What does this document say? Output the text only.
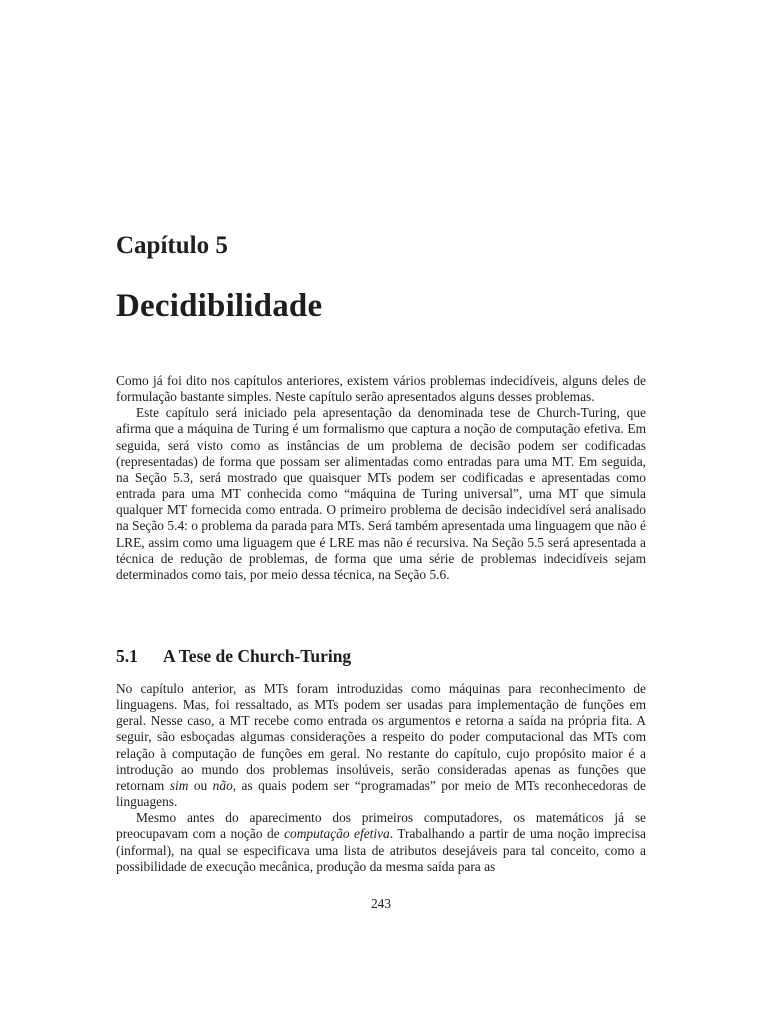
Capítulo 5
Decidibilidade

Como já foi dito nos capítulos anteriores, existem vários problemas indecidíveis, alguns deles de formulação bastante simples. Neste capítulo serão apresentados alguns desses problemas.

Este capítulo será iniciado pela apresentação da denominada tese de Church-Turing, que afirma que a máquina de Turing é um formalismo que captura a noção de computação efetiva. Em seguida, será visto como as instâncias de um problema de decisão podem ser codificadas (representadas) de forma que possam ser alimentadas como entradas para uma MT. Em seguida, na Seção 5.3, será mostrado que quaisquer MTs podem ser codificadas e apresentadas como entrada para uma MT conhecida como “máquina de Turing universal”, uma MT que simula qualquer MT fornecida como entrada. O primeiro problema de decisão indecidível será analisado na Seção 5.4: o problema da parada para MTs. Será também apresentada uma linguagem que não é LRE, assim como uma liguagem que é LRE mas não é recursiva. Na Seção 5.5 será apresentada a técnica de redução de problemas, de forma que uma série de problemas indecidíveis sejam determinados como tais, por meio dessa técnica, na Seção 5.6.

5.1 A Tese de Church-Turing

No capítulo anterior, as MTs foram introduzidas como máquinas para reconhecimento de linguagens. Mas, foi ressaltado, as MTs podem ser usadas para implementação de funções em geral. Nesse caso, a MT recebe como entrada os argumentos e retorna a saída na própria fita. A seguir, são esboçadas algumas considerações a respeito do poder computacional das MTs com relação à computação de funções em geral. No restante do capítulo, cujo propósito maior é a introdução ao mundo dos problemas insolúveis, serão consideradas apenas as funções que retornam sim ou não, as quais podem ser “programadas” por meio de MTs reconhecedoras de linguagens.

Mesmo antes do aparecimento dos primeiros computadores, os matemáticos já se preocupavam com a noção de computação efetiva. Trabalhando a partir de uma noção imprecisa (informal), na qual se especificava uma lista de atributos desejáveis para tal conceito, como a possibilidade de execução mecânica, produção da mesma saída para as

243
